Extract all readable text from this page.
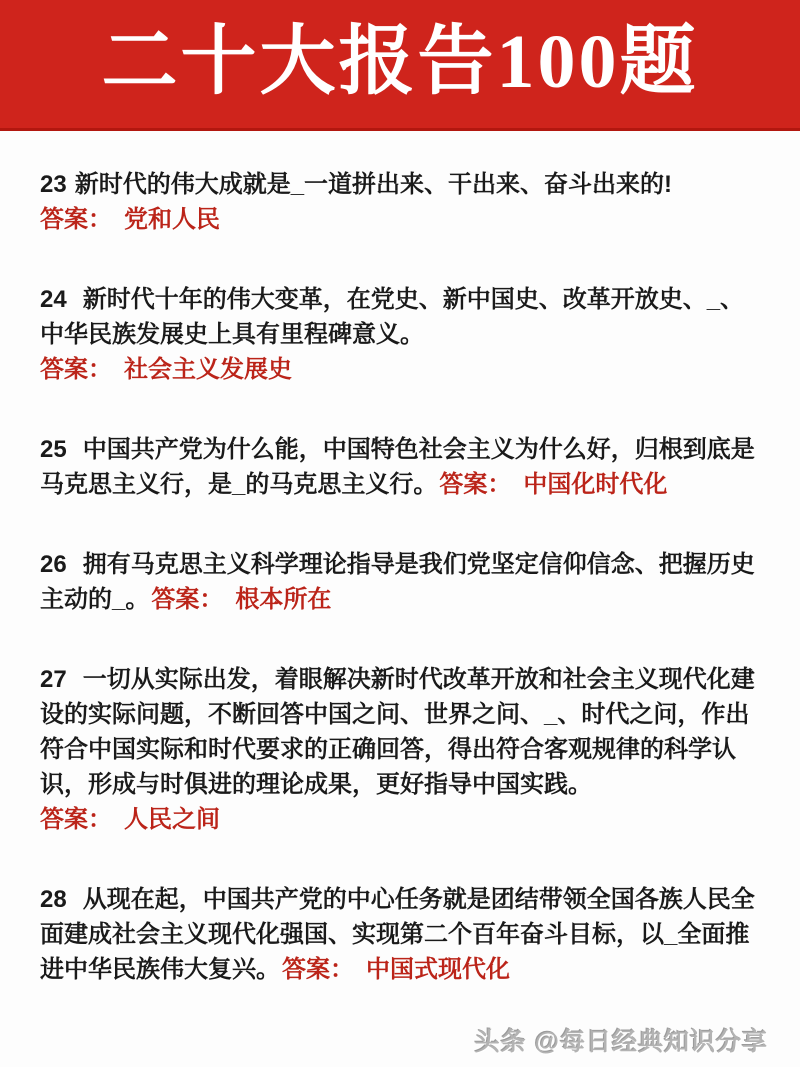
二十大报告100题

23 新时代的伟大成就是_一道拼出来、干出来、奋斗出来的!

答案： 党和人民

24 新时代十年的伟大变革，在党史、新中国史、改革开放史、_、中华民族发展史上具有里程碑意义。

答案： 社会主义发展史

25 中国共产党为什么能，中国特色社会主义为什么好，归根到底是马克思主义行，是_的马克思主义行。答案： 中国化时代化

26 拥有马克思主义科学理论指导是我们党坚定信仰信念、把握历史主动的_。答案： 根本所在

27 一切从实际出发，着眼解决新时代改革开放和社会主义现代化建设的实际问题，不断回答中国之问、世界之问、_、时代之问，作出符合中国实际和时代要求的正确回答，得出符合客观规律的科学认识，形成与时俱进的理论成果，更好指导中国实践。

答案： 人民之间

28 从现在起，中国共产党的中心任务就是团结带领全国各族人民全面建成社会主义现代化强国、实现第二个百年奋斗目标，以_全面推进中华民族伟大复兴。答案： 中国式现代化

头条 @每日经典知识分享
